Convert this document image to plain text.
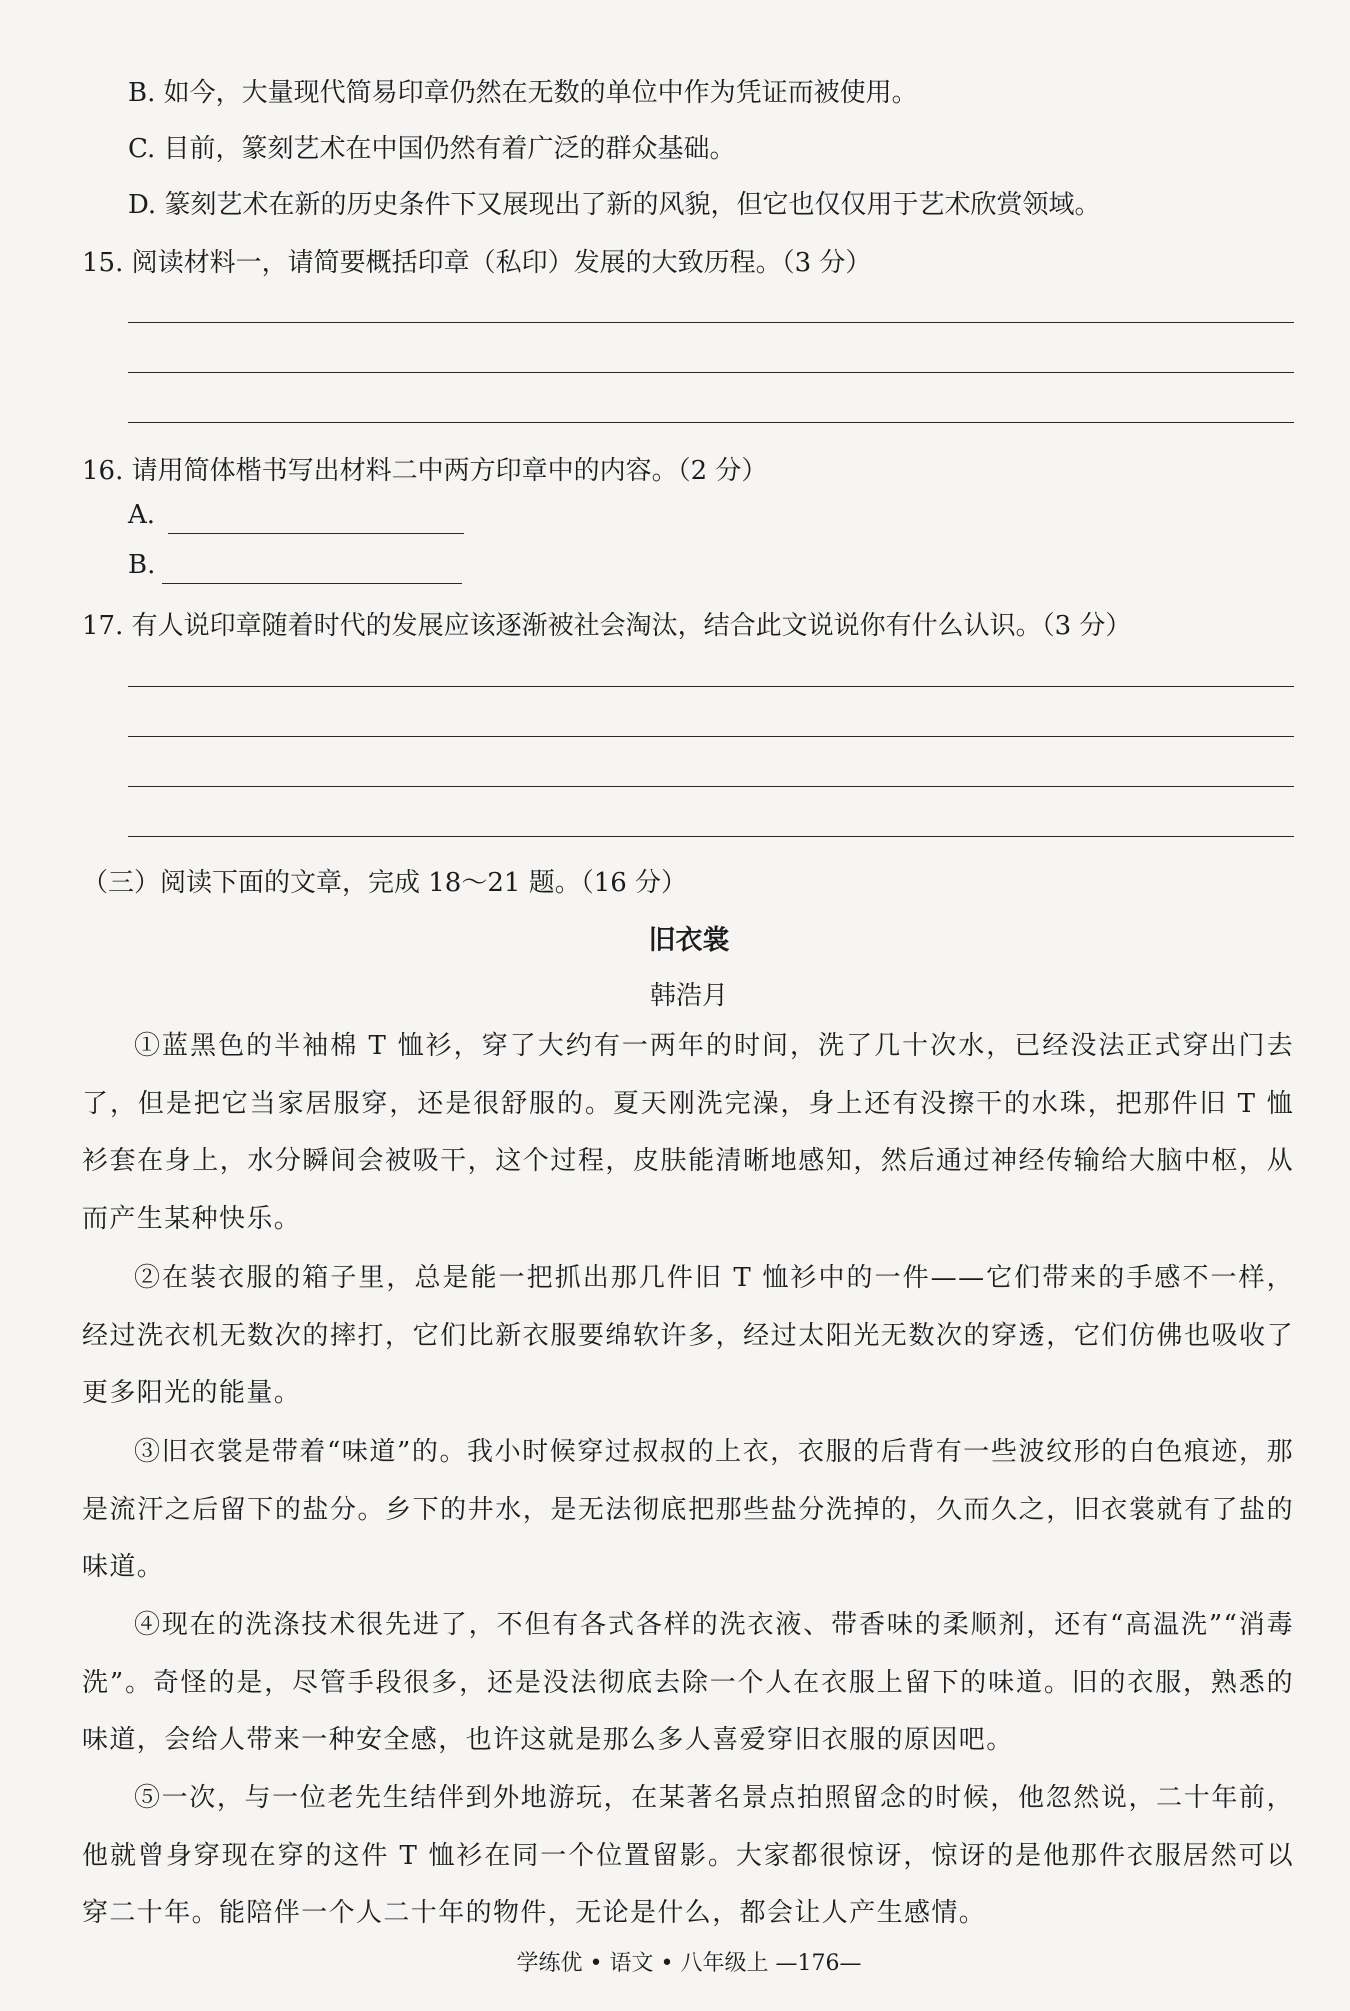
B. 如今，大量现代简易印章仍然在无数的单位中作为凭证而被使用。
C. 目前，篆刻艺术在中国仍然有着广泛的群众基础。
D. 篆刻艺术在新的历史条件下又展现出了新的风貌，但它也仅仅用于艺术欣赏领域。
15. 阅读材料一，请简要概括印章（私印）发展的大致历程。（3 分）
16. 请用简体楷书写出材料二中两方印章中的内容。（2 分）
A.
B.
17. 有人说印章随着时代的发展应该逐渐被社会淘汰，结合此文说说你有什么认识。（3 分）
（三）阅读下面的文章，完成 18～21 题。（16 分）
旧衣裳
韩浩月
①蓝黑色的半袖棉 T 恤衫，穿了大约有一两年的时间，洗了几十次水，已经没法正式穿出门去了，但是把它当家居服穿，还是很舒服的。夏天刚洗完澡，身上还有没擦干的水珠，把那件旧 T 恤衫套在身上，水分瞬间会被吸干，这个过程，皮肤能清晰地感知，然后通过神经传输给大脑中枢，从而产生某种快乐。
②在装衣服的箱子里，总是能一把抓出那几件旧 T 恤衫中的一件——它们带来的手感不一样，经过洗衣机无数次的摔打，它们比新衣服要绵软许多，经过太阳光无数次的穿透，它们仿佛也吸收了更多阳光的能量。
③旧衣裳是带着“味道”的。我小时候穿过叔叔的上衣，衣服的后背有一些波纹形的白色痕迹，那是流汗之后留下的盐分。乡下的井水，是无法彻底把那些盐分洗掉的，久而久之，旧衣裳就有了盐的味道。
④现在的洗涤技术很先进了，不但有各式各样的洗衣液、带香味的柔顺剂，还有“高温洗”“消毒洗”。奇怪的是，尽管手段很多，还是没法彻底去除一个人在衣服上留下的味道。旧的衣服，熟悉的味道，会给人带来一种安全感，也许这就是那么多人喜爱穿旧衣服的原因吧。
⑤一次，与一位老先生结伴到外地游玩，在某著名景点拍照留念的时候，他忽然说，二十年前，他就曾身穿现在穿的这件 T 恤衫在同一个位置留影。大家都很惊讶，惊讶的是他那件衣服居然可以穿二十年。能陪伴一个人二十年的物件，无论是什么，都会让人产生感情。
学练优 • 语文 • 八年级上 —176—
